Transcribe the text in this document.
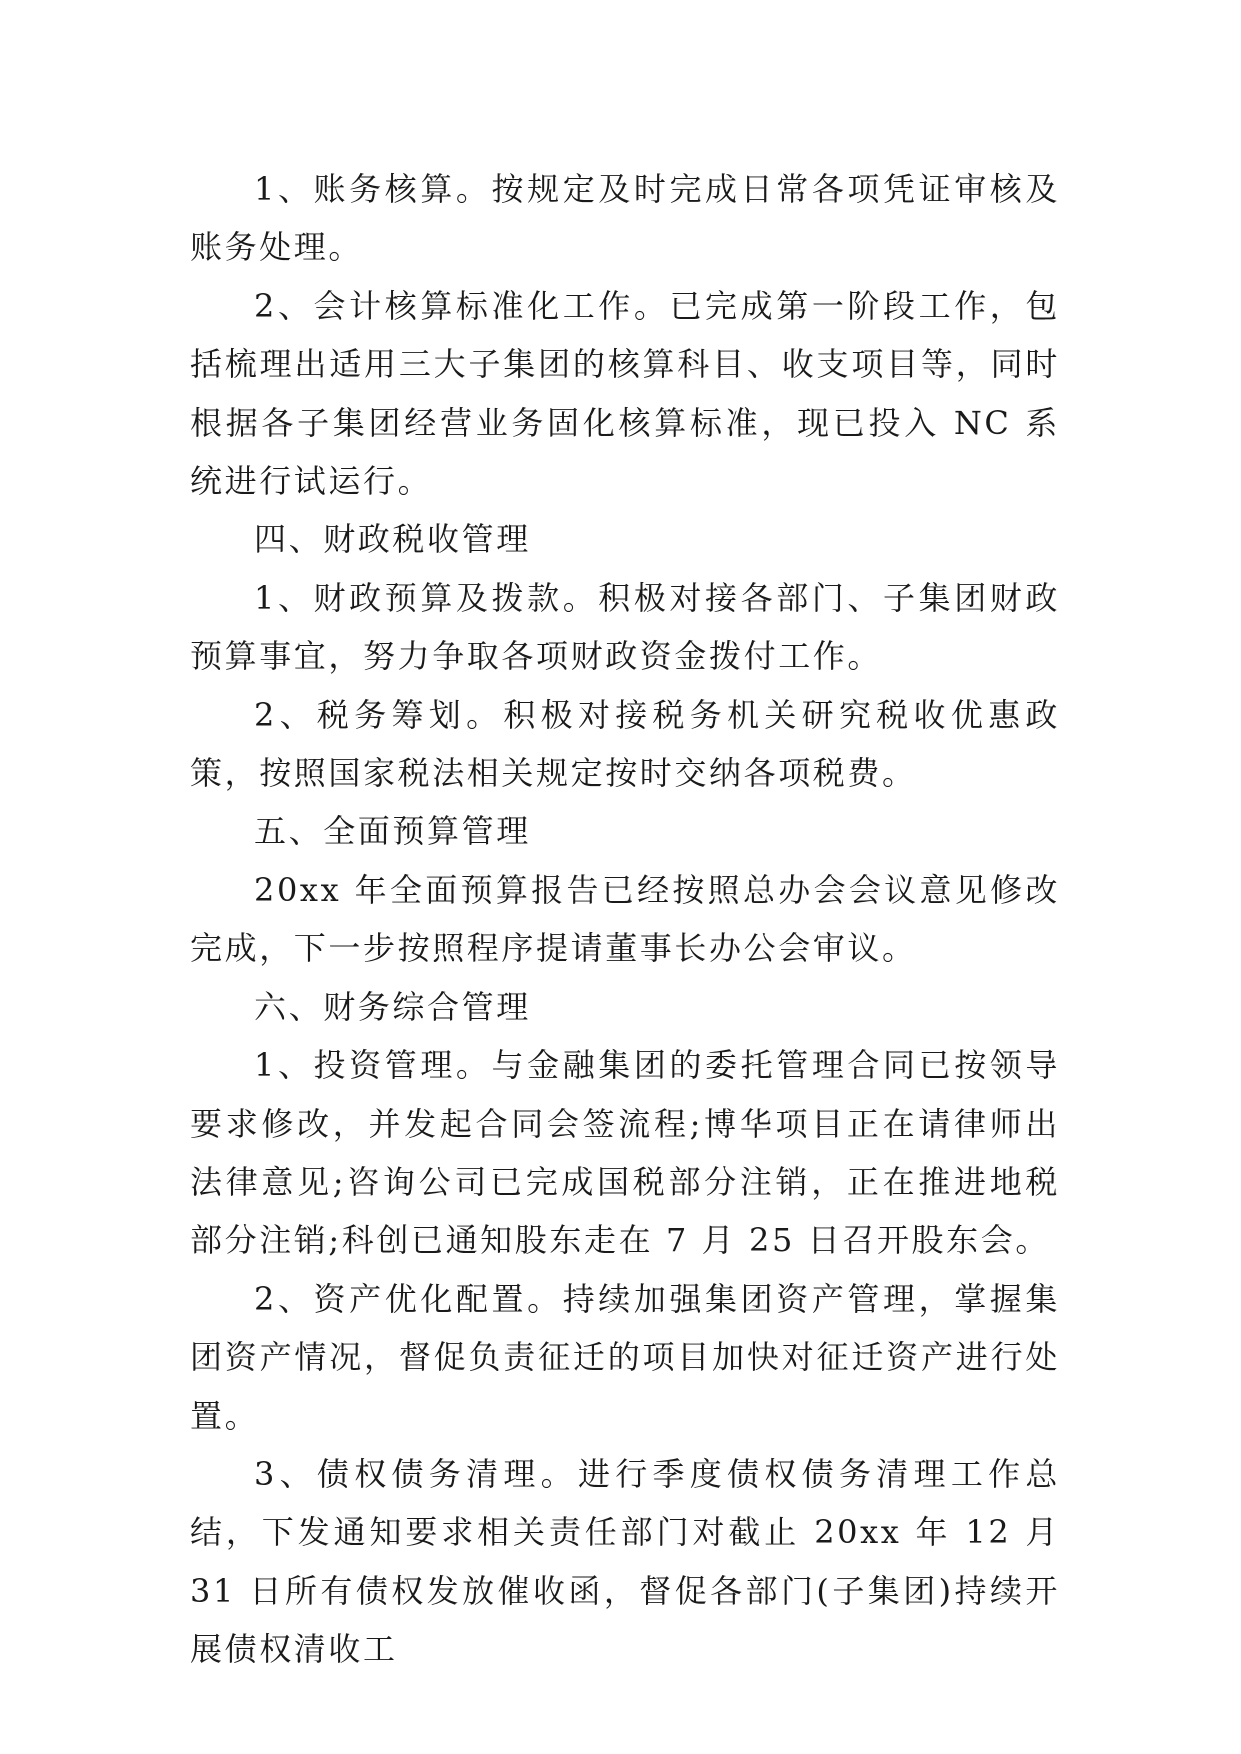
1、账务核算。按规定及时完成日常各项凭证审核及账务处理。

2、会计核算标准化工作。已完成第一阶段工作，包括梳理出适用三大子集团的核算科目、收支项目等，同时根据各子集团经营业务固化核算标准，现已投入 NC 系统进行试运行。

四、财政税收管理

1、财政预算及拨款。积极对接各部门、子集团财政预算事宜，努力争取各项财政资金拨付工作。

2、税务筹划。积极对接税务机关研究税收优惠政策，按照国家税法相关规定按时交纳各项税费。

五、全面预算管理

20xx 年全面预算报告已经按照总办会会议意见修改完成，下一步按照程序提请董事长办公会审议。

六、财务综合管理

1、投资管理。与金融集团的委托管理合同已按领导要求修改，并发起合同会签流程;博华项目正在请律师出法律意见;咨询公司已完成国税部分注销，正在推进地税部分注销;科创已通知股东走在 7 月 25 日召开股东会。

2、资产优化配置。持续加强集团资产管理，掌握集团资产情况，督促负责征迁的项目加快对征迁资产进行处置。

3、债权债务清理。进行季度债权债务清理工作总结，下发通知要求相关责任部门对截止 20xx 年 12 月 31 日所有债权发放催收函，督促各部门(子集团)持续开展债权清收工
